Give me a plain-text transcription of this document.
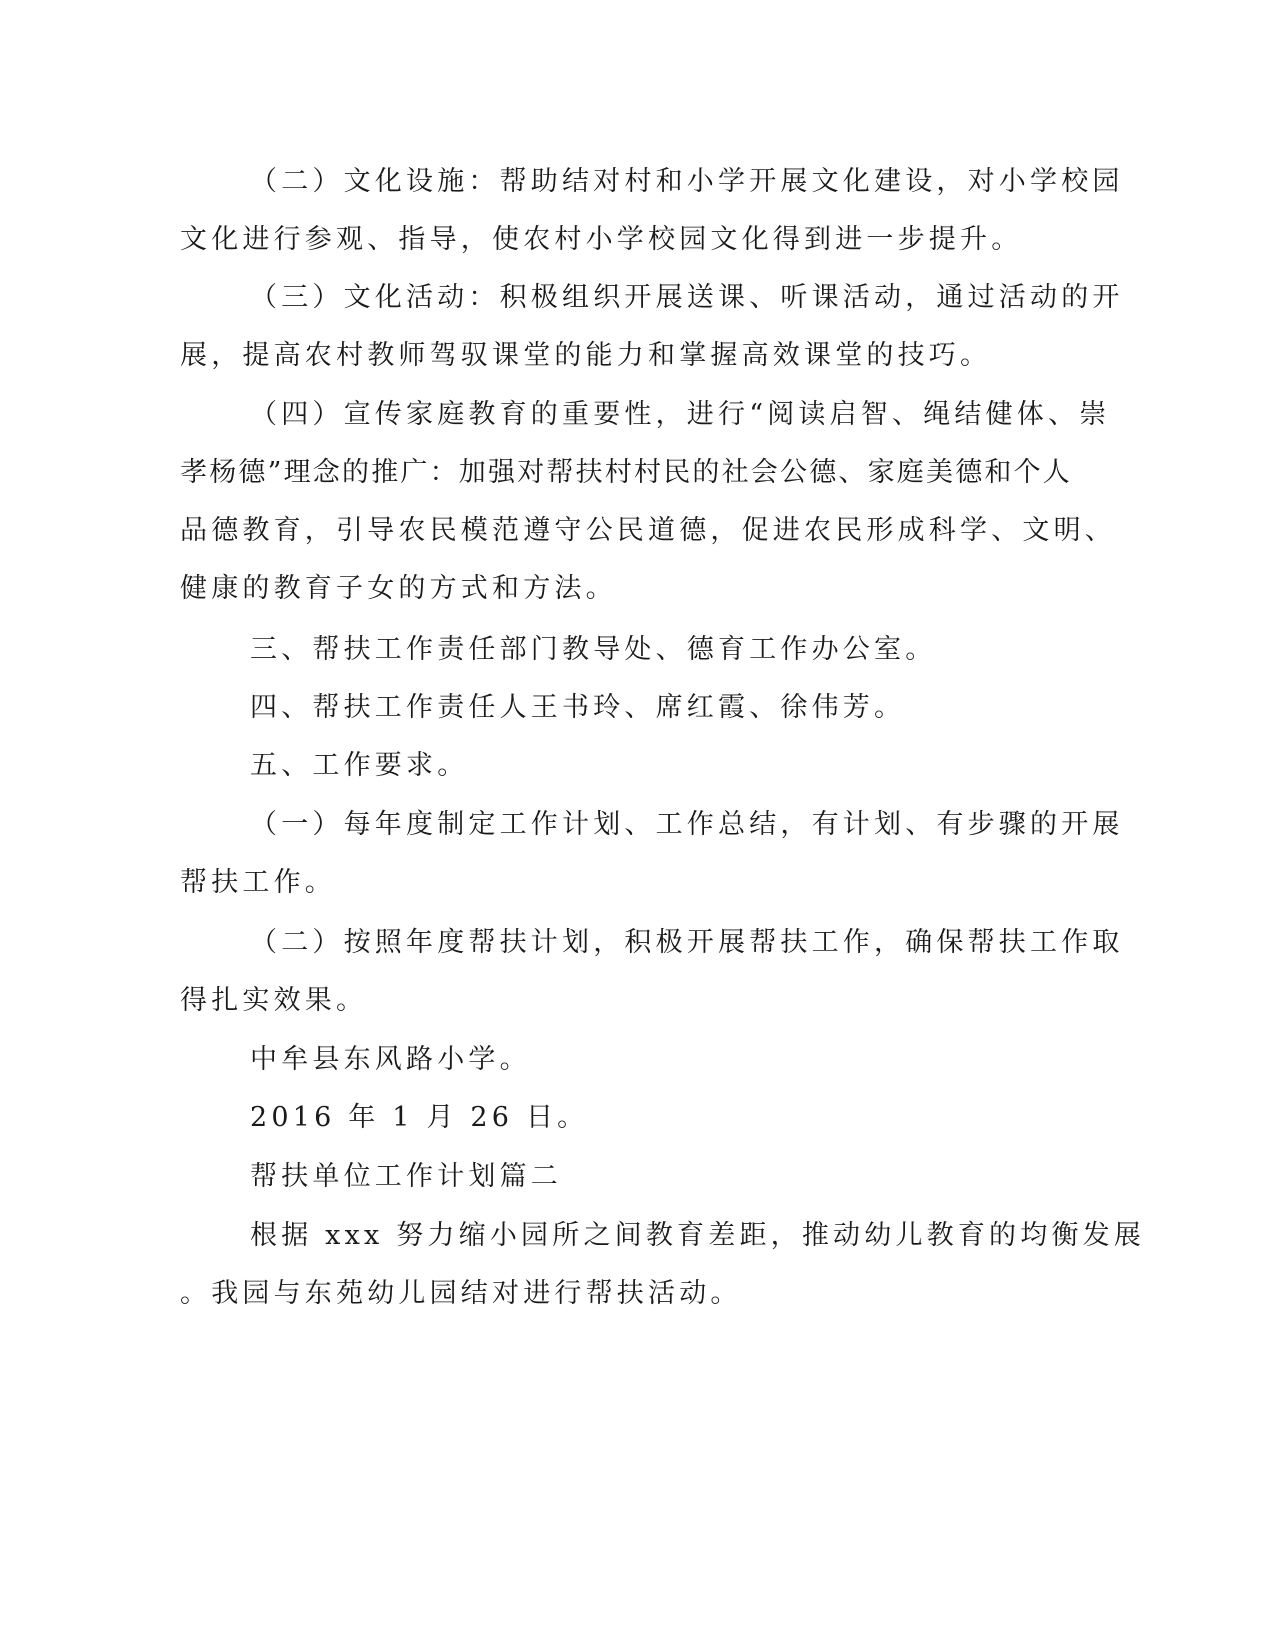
（二）文化设施：帮助结对村和小学开展文化建设，对小学校园
文化进行参观、指导，使农村小学校园文化得到进一步提升。
（三）文化活动：积极组织开展送课、听课活动，通过活动的开
展，提高农村教师驾驭课堂的能力和掌握高效课堂的技巧。
（四）宣传家庭教育的重要性，进行“阅读启智、绳结健体、崇
孝杨德”理念的推广：加强对帮扶村村民的社会公德、家庭美德和个人
品德教育，引导农民模范遵守公民道德，促进农民形成科学、文明、
健康的教育子女的方式和方法。
三、帮扶工作责任部门教导处、德育工作办公室。
四、帮扶工作责任人王书玲、席红霞、徐伟芳。
五、工作要求。
（一）每年度制定工作计划、工作总结，有计划、有步骤的开展
帮扶工作。
（二）按照年度帮扶计划，积极开展帮扶工作，确保帮扶工作取
得扎实效果。
中牟县东风路小学。
2016 年 1 月 26 日。
帮扶单位工作计划篇二
根据 xxx 努力缩小园所之间教育差距，推动幼儿教育的均衡发展
。我园与东苑幼儿园结对进行帮扶活动。
